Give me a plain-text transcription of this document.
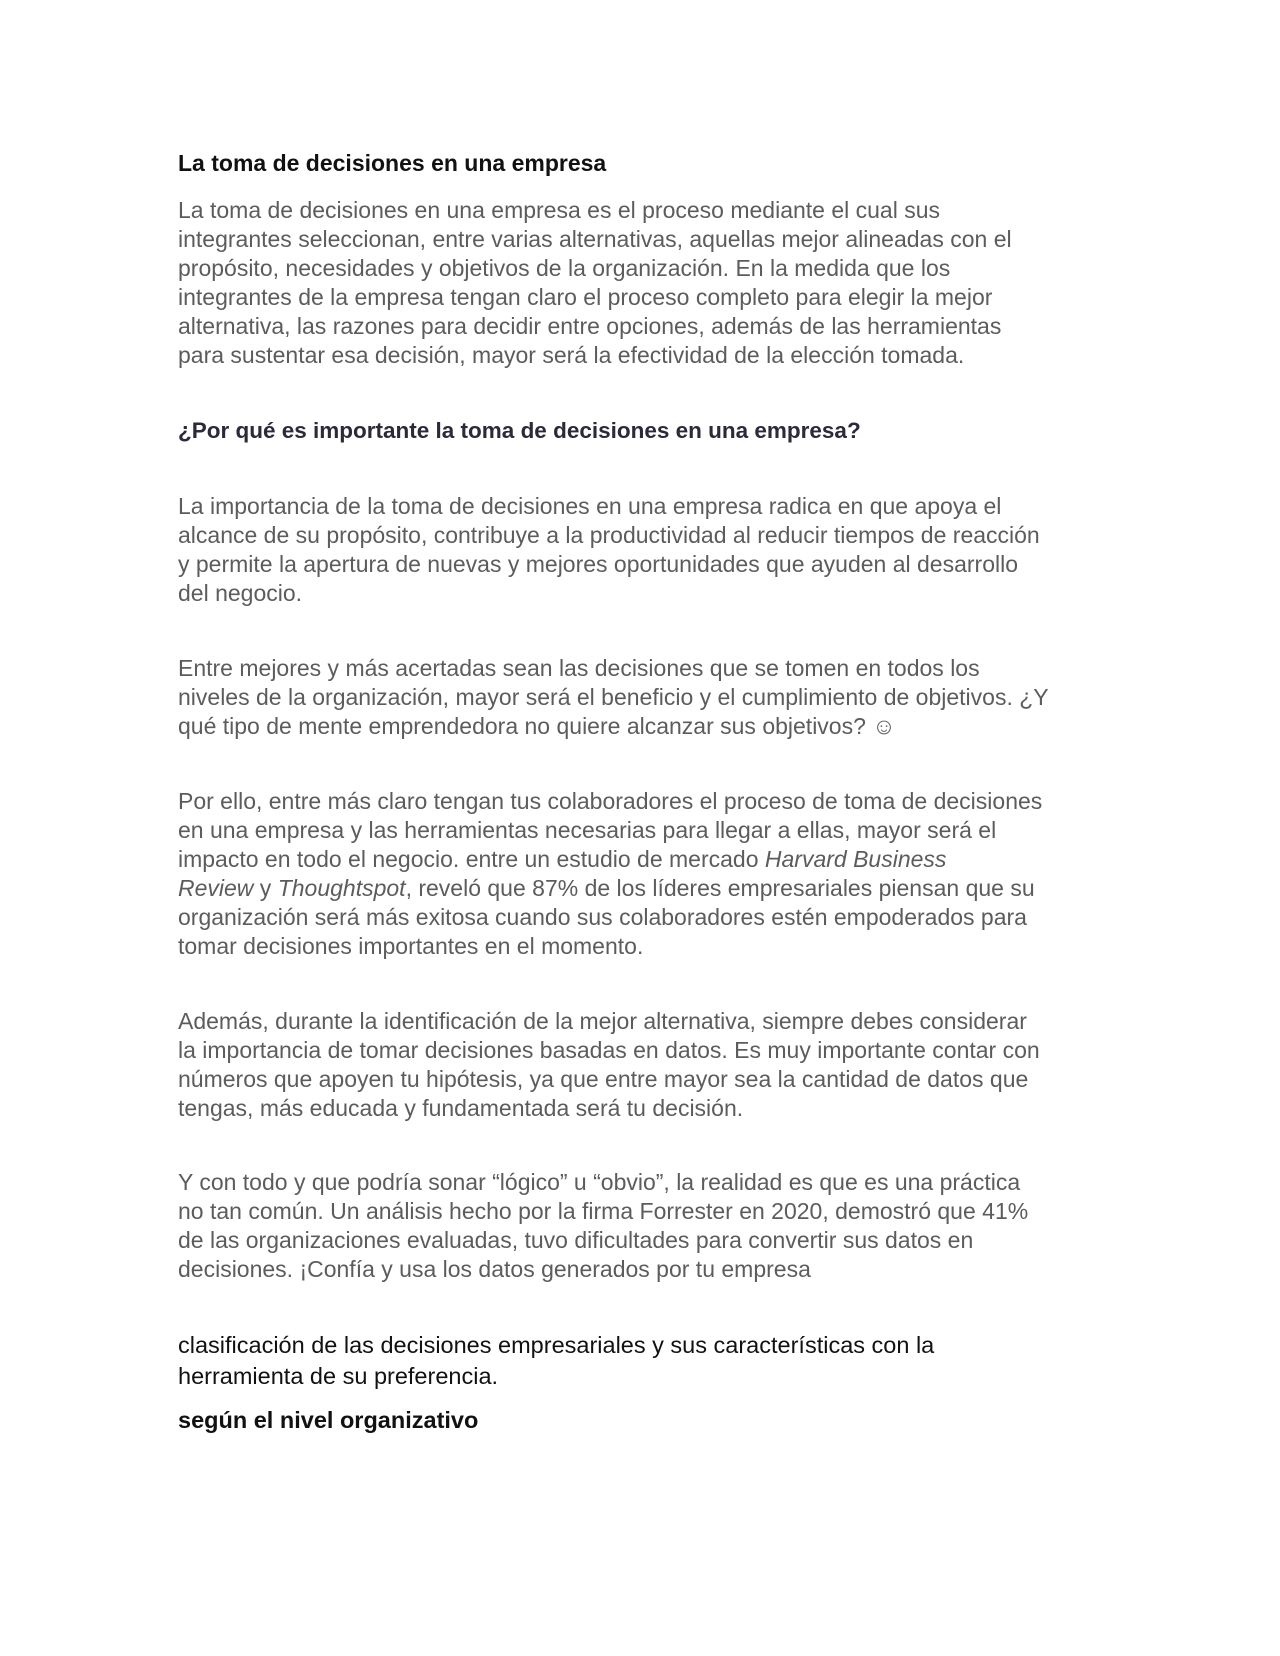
La toma de decisiones en una empresa

La toma de decisiones en una empresa es el proceso mediante el cual sus
integrantes seleccionan, entre varias alternativas, aquellas mejor alineadas con el
propósito, necesidades y objetivos de la organización. En la medida que los
integrantes de la empresa tengan claro el proceso completo para elegir la mejor
alternativa, las razones para decidir entre opciones, además de las herramientas
para sustentar esa decisión, mayor será la efectividad de la elección tomada.

¿Por qué es importante la toma de decisiones en una empresa?

La importancia de la toma de decisiones en una empresa radica en que apoya el
alcance de su propósito, contribuye a la productividad al reducir tiempos de reacción
y permite la apertura de nuevas y mejores oportunidades que ayuden al desarrollo
del negocio.

Entre mejores y más acertadas sean las decisiones que se tomen en todos los
niveles de la organización, mayor será el beneficio y el cumplimiento de objetivos. ¿Y
qué tipo de mente emprendedora no quiere alcanzar sus objetivos? ☺

Por ello, entre más claro tengan tus colaboradores el proceso de toma de decisiones
en una empresa y las herramientas necesarias para llegar a ellas, mayor será el
impacto en todo el negocio. entre un estudio de mercado Harvard Business
Review y Thoughtspot, reveló que 87% de los líderes empresariales piensan que su
organización será más exitosa cuando sus colaboradores estén empoderados para
tomar decisiones importantes en el momento.

Además, durante la identificación de la mejor alternativa, siempre debes considerar
la importancia de tomar decisiones basadas en datos. Es muy importante contar con
números que apoyen tu hipótesis, ya que entre mayor sea la cantidad de datos que
tengas, más educada y fundamentada será tu decisión.

Y con todo y que podría sonar “lógico” u “obvio”, la realidad es que es una práctica
no tan común. Un análisis hecho por la firma Forrester en 2020, demostró que 41%
de las organizaciones evaluadas, tuvo dificultades para convertir sus datos en
decisiones. ¡Confía y usa los datos generados por tu empresa

clasificación de las decisiones empresariales y sus características con la
herramienta de su preferencia.

según el nivel organizativo
